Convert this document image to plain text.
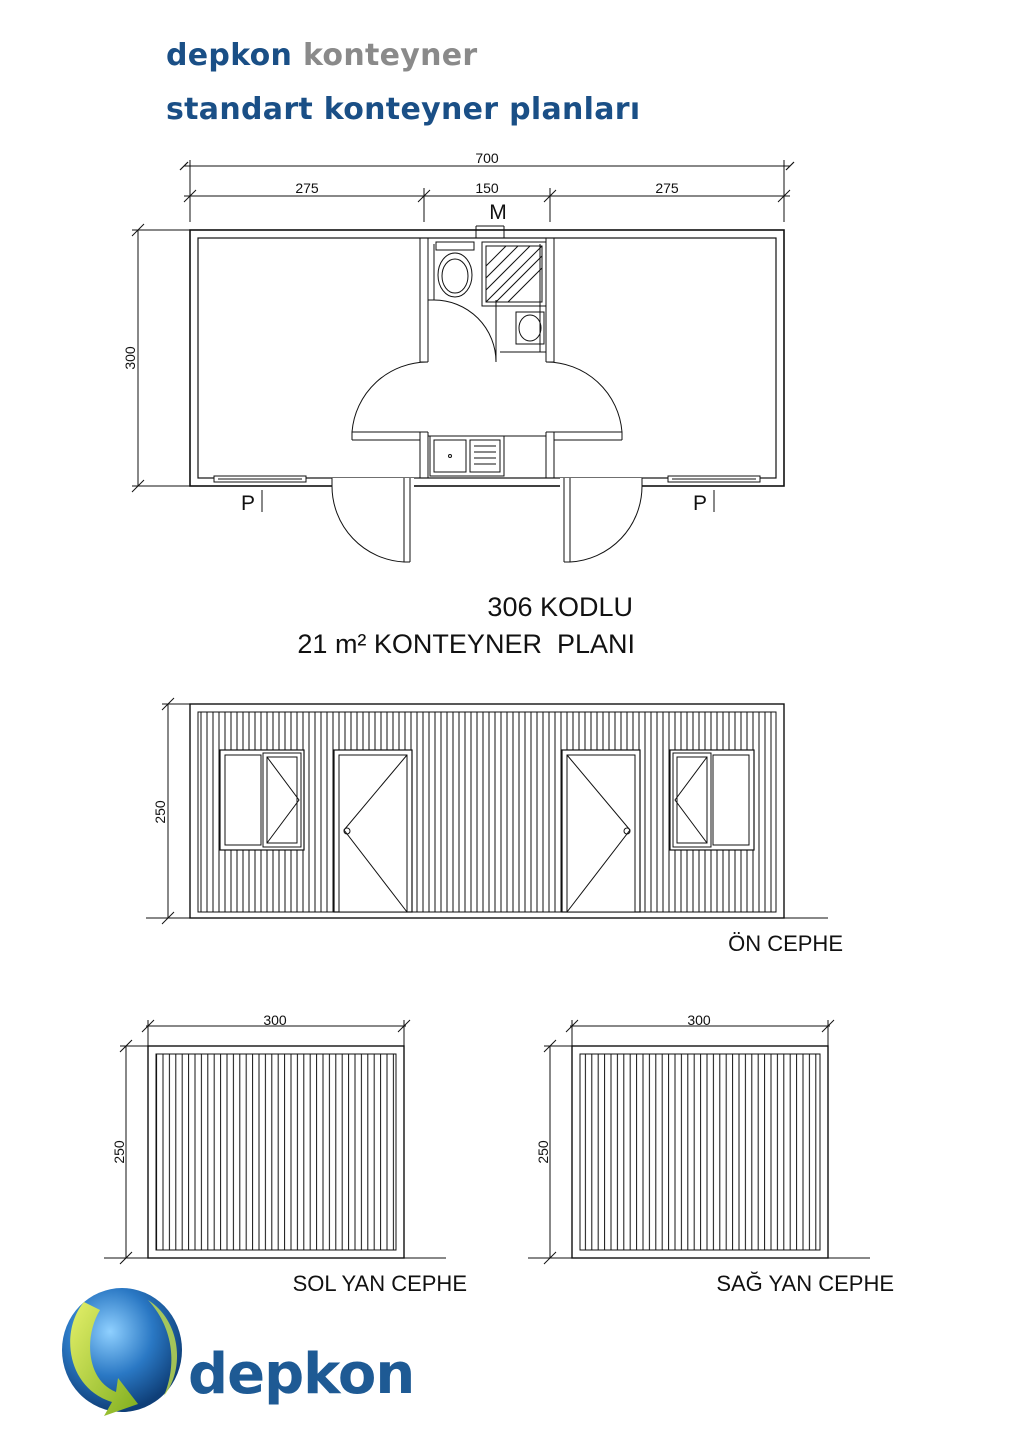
depkon konteyner
standart konteyner planları
700
275	150	275
300
M
P	P
306 KODLU
21 m² KONTEYNER  PLANI
250
ÖN CEPHE
300
250
SOL YAN CEPHE
300
250
SAĞ YAN CEPHE
depkon
